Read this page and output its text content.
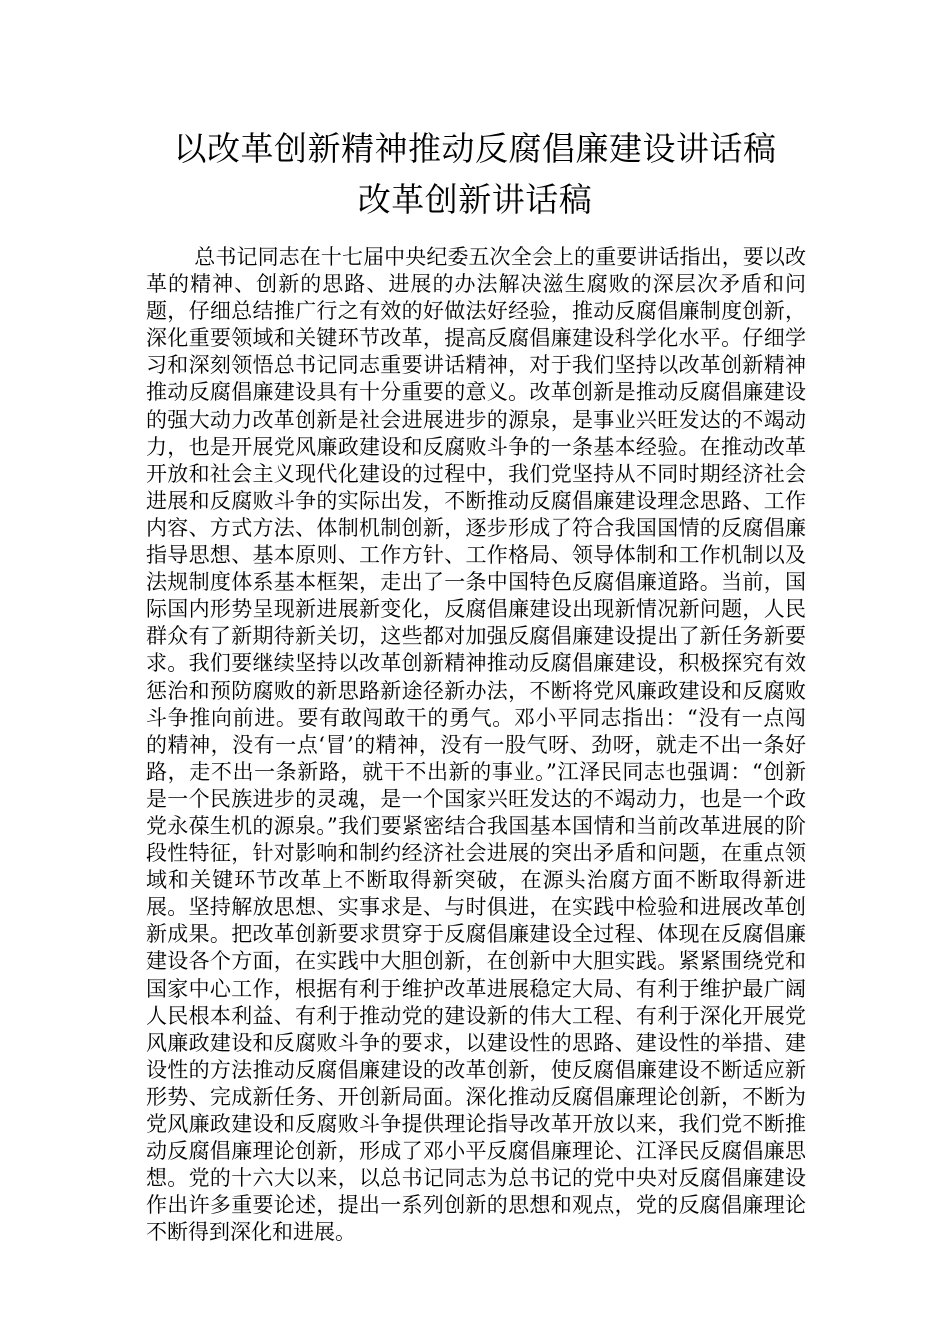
以改革创新精神推动反腐倡廉建设讲话稿
改革创新讲话稿

总书记同志在十七届中央纪委五次全会上的重要讲话指出，要以改革的精神、创新的思路、进展的办法解决滋生腐败的深层次矛盾和问题，仔细总结推广行之有效的好做法好经验，推动反腐倡廉制度创新，深化重要领域和关键环节改革，提高反腐倡廉建设科学化水平。仔细学习和深刻领悟总书记同志重要讲话精神，对于我们坚持以改革创新精神推动反腐倡廉建设具有十分重要的意义。改革创新是推动反腐倡廉建设的强大动力改革创新是社会进展进步的源泉，是事业兴旺发达的不竭动力，也是开展党风廉政建设和反腐败斗争的一条基本经验。在推动改革开放和社会主义现代化建设的过程中，我们党坚持从不同时期经济社会进展和反腐败斗争的实际出发，不断推动反腐倡廉建设理念思路、工作内容、方式方法、体制机制创新，逐步形成了符合我国国情的反腐倡廉指导思想、基本原则、工作方针、工作格局、领导体制和工作机制以及法规制度体系基本框架，走出了一条中国特色反腐倡廉道路。当前，国际国内形势呈现新进展新变化，反腐倡廉建设出现新情况新问题，人民群众有了新期待新关切，这些都对加强反腐倡廉建设提出了新任务新要求。我们要继续坚持以改革创新精神推动反腐倡廉建设，积极探究有效惩治和预防腐败的新思路新途径新办法，不断将党风廉政建设和反腐败斗争推向前进。要有敢闯敢干的勇气。邓小平同志指出：“没有一点闯的精神，没有一点‘冒’的精神，没有一股气呀、劲呀，就走不出一条好路，走不出一条新路，就干不出新的事业。”江泽民同志也强调：“创新是一个民族进步的灵魂，是一个国家兴旺发达的不竭动力，也是一个政党永葆生机的源泉。”我们要紧密结合我国基本国情和当前改革进展的阶段性特征，针对影响和制约经济社会进展的突出矛盾和问题，在重点领域和关键环节改革上不断取得新突破，在源头治腐方面不断取得新进展。坚持解放思想、实事求是、与时俱进，在实践中检验和进展改革创新成果。把改革创新要求贯穿于反腐倡廉建设全过程、体现在反腐倡廉建设各个方面，在实践中大胆创新，在创新中大胆实践。紧紧围绕党和国家中心工作，根据有利于维护改革进展稳定大局、有利于维护最广阔人民根本利益、有利于推动党的建设新的伟大工程、有利于深化开展党风廉政建设和反腐败斗争的要求，以建设性的思路、建设性的举措、建设性的方法推动反腐倡廉建设的改革创新，使反腐倡廉建设不断适应新形势、完成新任务、开创新局面。深化推动反腐倡廉理论创新，不断为党风廉政建设和反腐败斗争提供理论指导改革开放以来，我们党不断推动反腐倡廉理论创新，形成了邓小平反腐倡廉理论、江泽民反腐倡廉思想。党的十六大以来，以总书记同志为总书记的党中央对反腐倡廉建设作出许多重要论述，提出一系列创新的思想和观点，党的反腐倡廉理论不断得到深化和进展。
